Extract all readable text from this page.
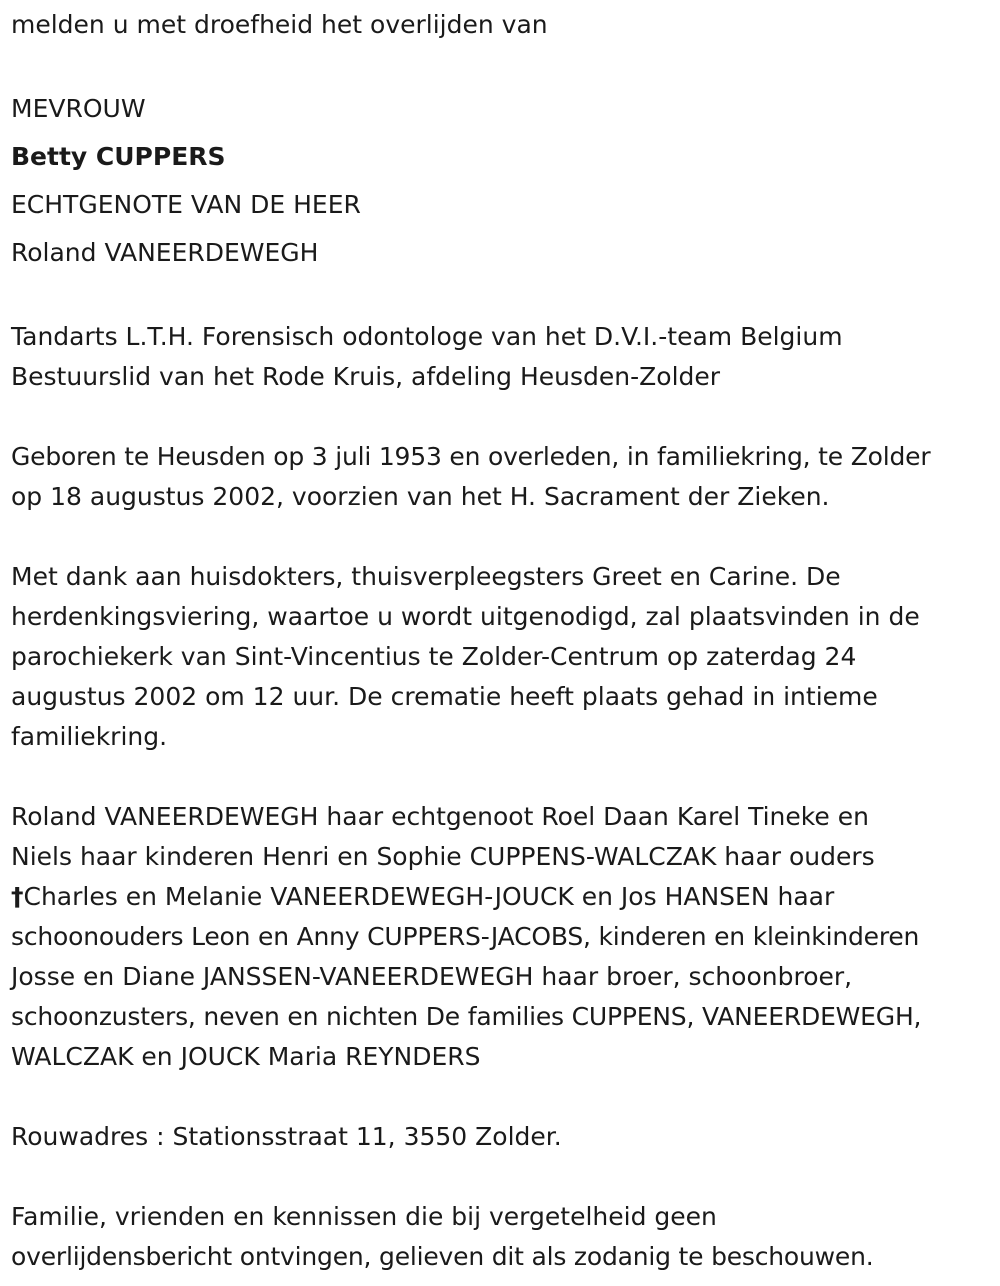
melden u met droefheid het overlijden van

MEVROUW

Betty CUPPERS

ECHTGENOTE VAN DE HEER

Roland VANEERDEWEGH

Tandarts L.T.H. Forensisch odontologe van het D.V.I.-team Belgium

Bestuurslid van het Rode Kruis, afdeling Heusden-Zolder

Geboren te Heusden op 3 juli 1953 en overleden, in familiekring, te Zolder

op 18 augustus 2002, voorzien van het H. Sacrament der Zieken.

Met dank aan huisdokters, thuisverpleegsters Greet en Carine. De

herdenkingsviering, waartoe u wordt uitgenodigd, zal plaatsvinden in de

parochiekerk van Sint-Vincentius te Zolder-Centrum op zaterdag 24

augustus 2002 om 12 uur. De crematie heeft plaats gehad in intieme

familiekring.

Roland VANEERDEWEGH haar echtgenoot Roel Daan Karel Tineke en

Niels haar kinderen Henri en Sophie CUPPENS-WALCZAK haar ouders

†Charles en Melanie VANEERDEWEGH-JOUCK en Jos HANSEN haar

schoonouders Leon en Anny CUPPERS-JACOBS, kinderen en kleinkinderen

Josse en Diane JANSSEN-VANEERDEWEGH haar broer, schoonbroer,

schoonzusters, neven en nichten De families CUPPENS, VANEERDEWEGH,

WALCZAK en JOUCK Maria REYNDERS

Rouwadres : Stationsstraat 11, 3550 Zolder.

Familie, vrienden en kennissen die bij vergetelheid geen

overlijdensbericht ontvingen, gelieven dit als zodanig te beschouwen.
